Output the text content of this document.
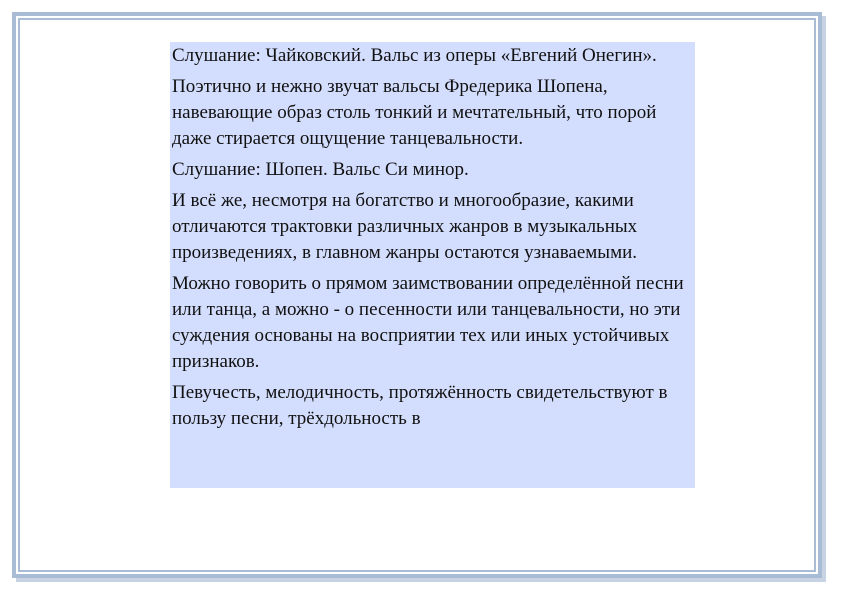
Слушание: Чайковский. Вальс из оперы «Евгений Онегин».

Поэтично и нежно звучат вальсы Фредерика Шопена, навевающие образ столь тонкий и мечтательный, что порой даже стирается ощущение танцевальности.

Слушание: Шопен. Вальс Си минор.

И всё же, несмотря на богатство и многообразие, какими отличаются трактовки различных жанров в музыкальных произведениях, в главном жанры остаются узнаваемыми.

Можно говорить о прямом заимствовании определённой песни или танца, а можно - о песенности или танцевальности, но эти суждения основаны на восприятии тех или иных устойчивых признаков.

Певучесть, мелодичность, протяжённость свидетельствуют в пользу песни, трёхдольность в
